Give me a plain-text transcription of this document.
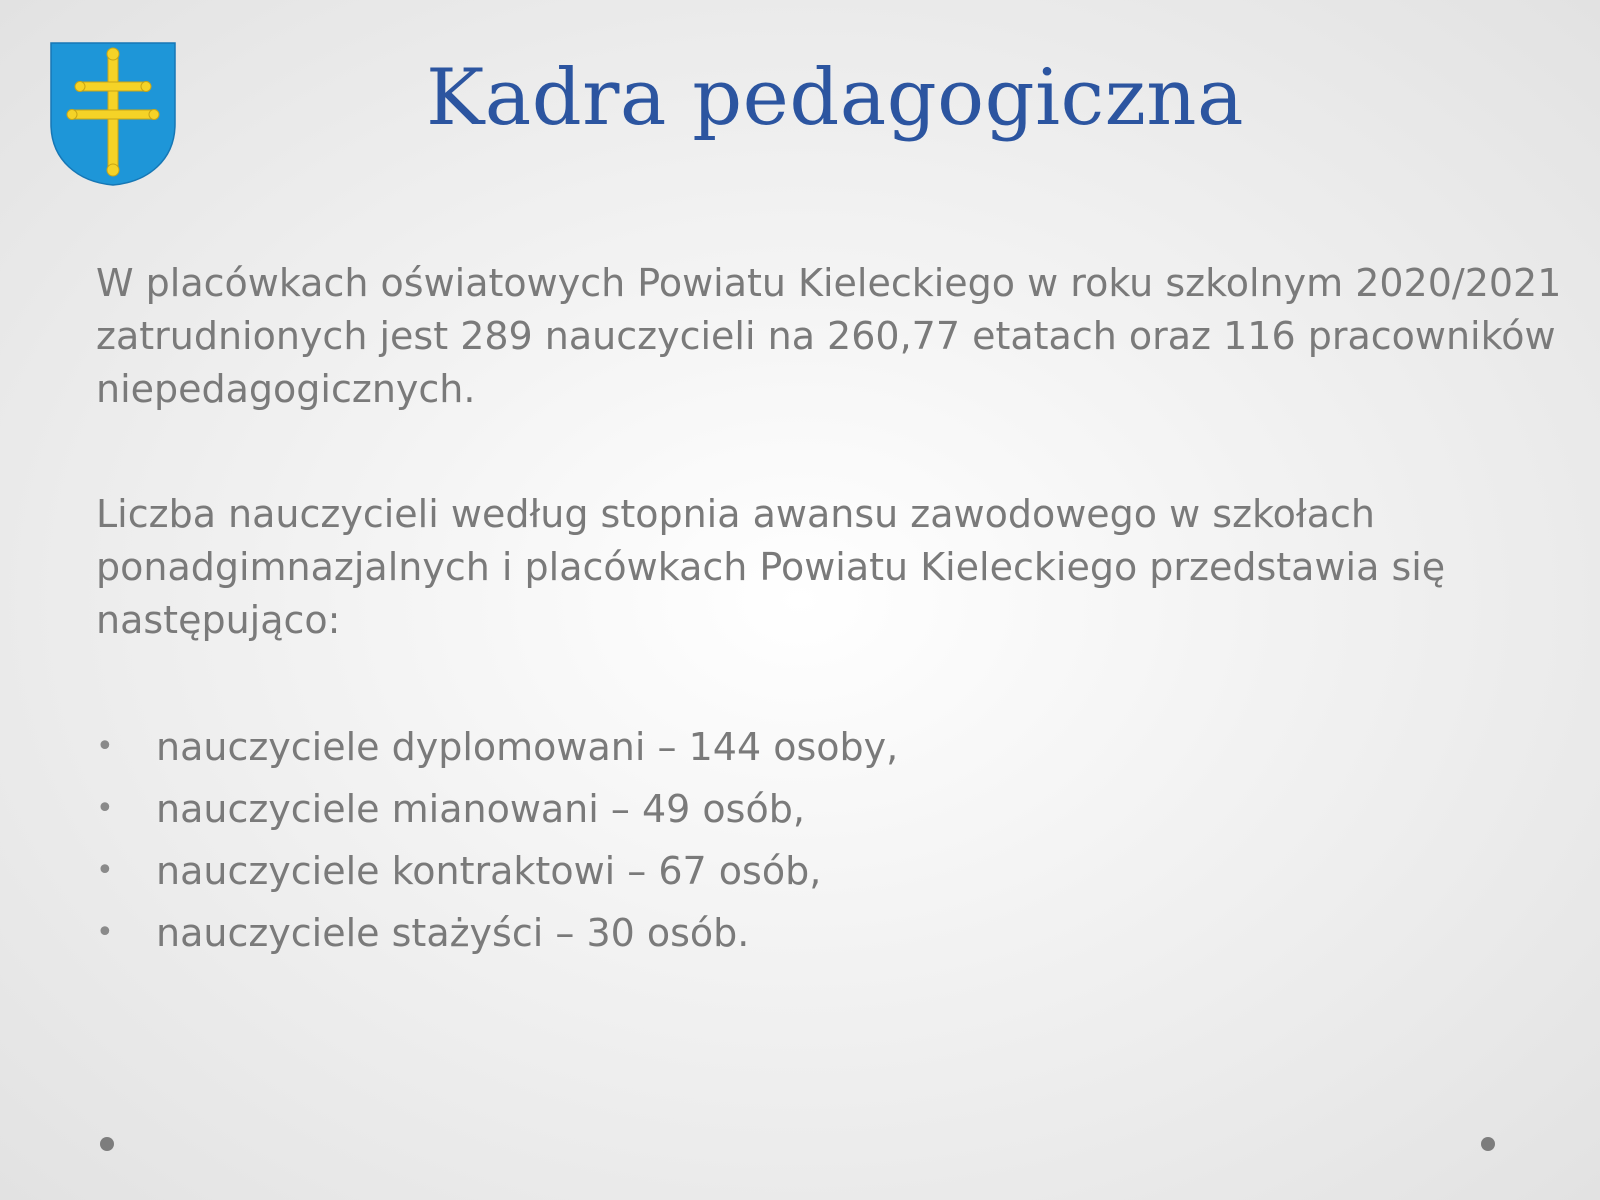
Kadra pedagogiczna

W placówkach oświatowych Powiatu Kieleckiego w roku szkolnym 2020/2021 zatrudnionych jest 289 nauczycieli na 260,77 etatach oraz 116 pracowników niepedagogicznych.

Liczba nauczycieli według stopnia awansu zawodowego w szkołach ponadgimnazjalnych i placówkach Powiatu Kieleckiego przedstawia się następująco:

• nauczyciele dyplomowani – 144 osoby,
• nauczyciele mianowani – 49 osób,
• nauczyciele kontraktowi – 67 osób,
• nauczyciele stażyści – 30 osób.
